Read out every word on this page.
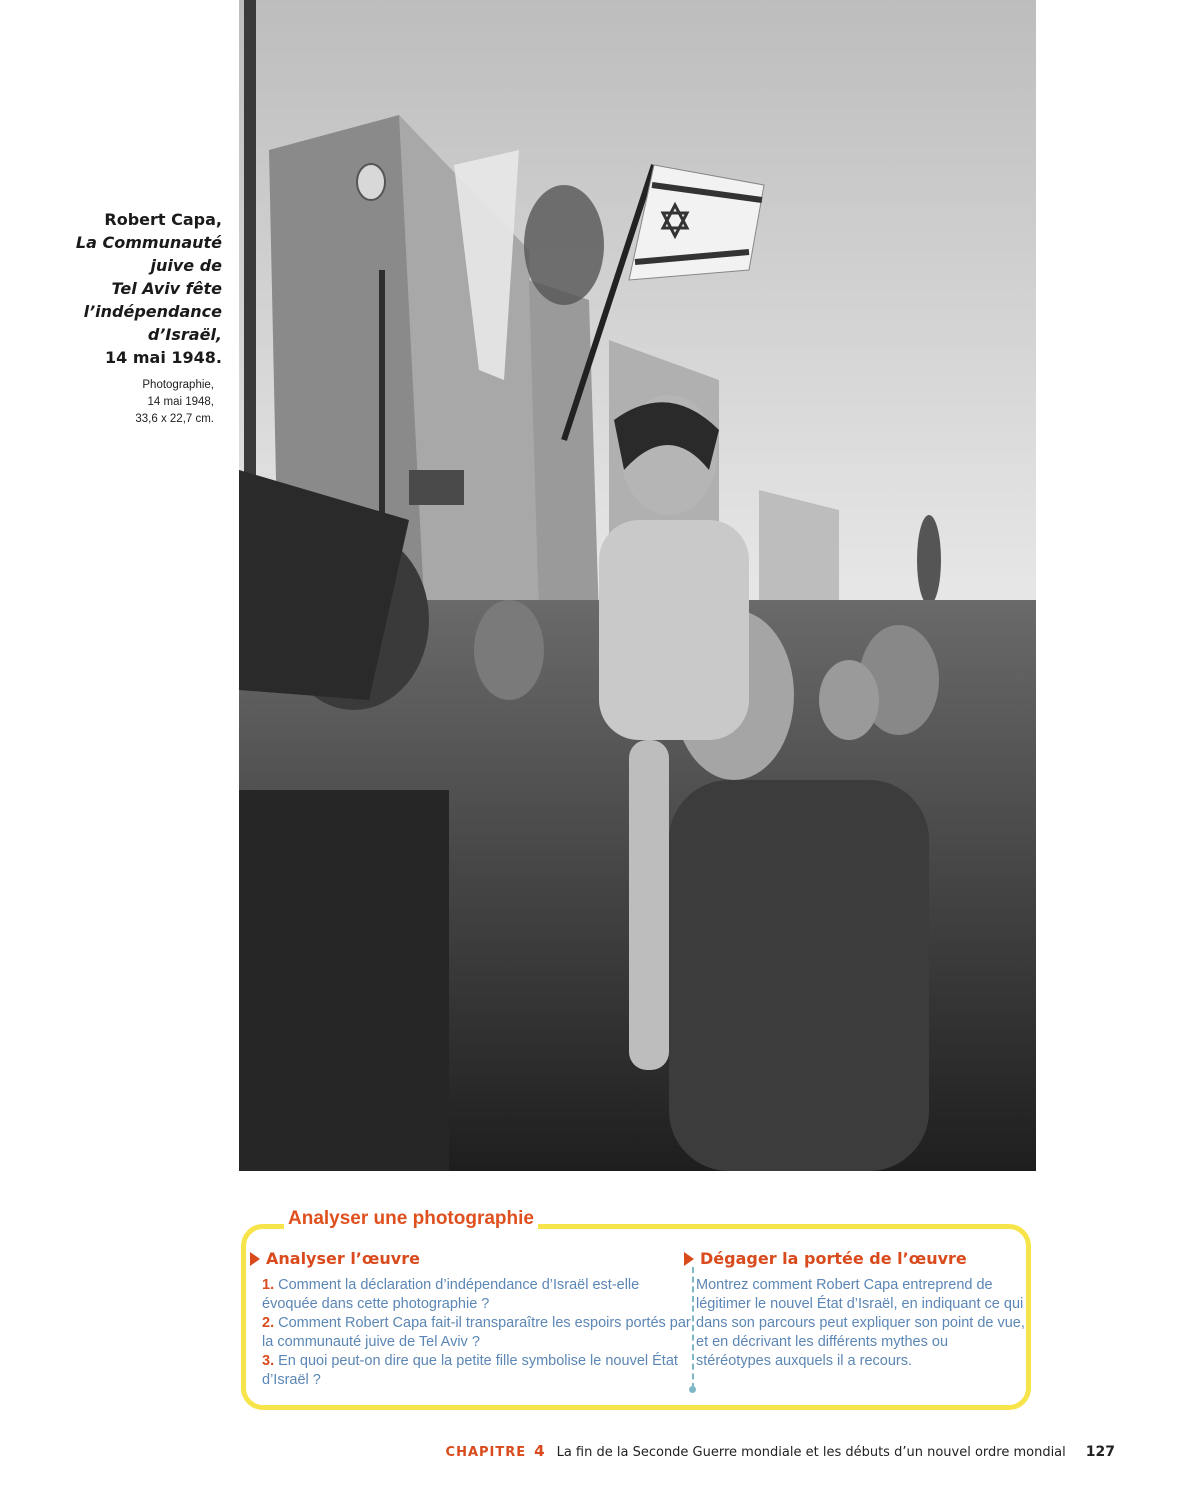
Robert Capa,
La Communauté
juive de
Tel Aviv fête
l’indépendance
d’Israël,
14 mai 1948.
Photographie,
14 mai 1948,
33,6 x 22,7 cm.
Analyser une photographie
Analyser l’œuvre

1. Comment la déclaration d’indépendance d’Israël est-elle évoquée dans cette photographie ?

2. Comment Robert Capa fait-il transparaître les espoirs portés par la communauté juive de Tel Aviv ?

3. En quoi peut-on dire que la petite fille symbolise le nouvel État d’Israël ?

Dégager la portée de l’œuvre
Montrez comment Robert Capa entreprend de légitimer le nouvel État d’Israël, en indiquant ce qui dans son parcours peut expliquer son point de vue, et en décrivant les différents mythes ou stéréotypes auxquels il a recours.
CHAPITRE 4 La fin de la Seconde Guerre mondiale et les débuts d’un nouvel ordre mondial 127
